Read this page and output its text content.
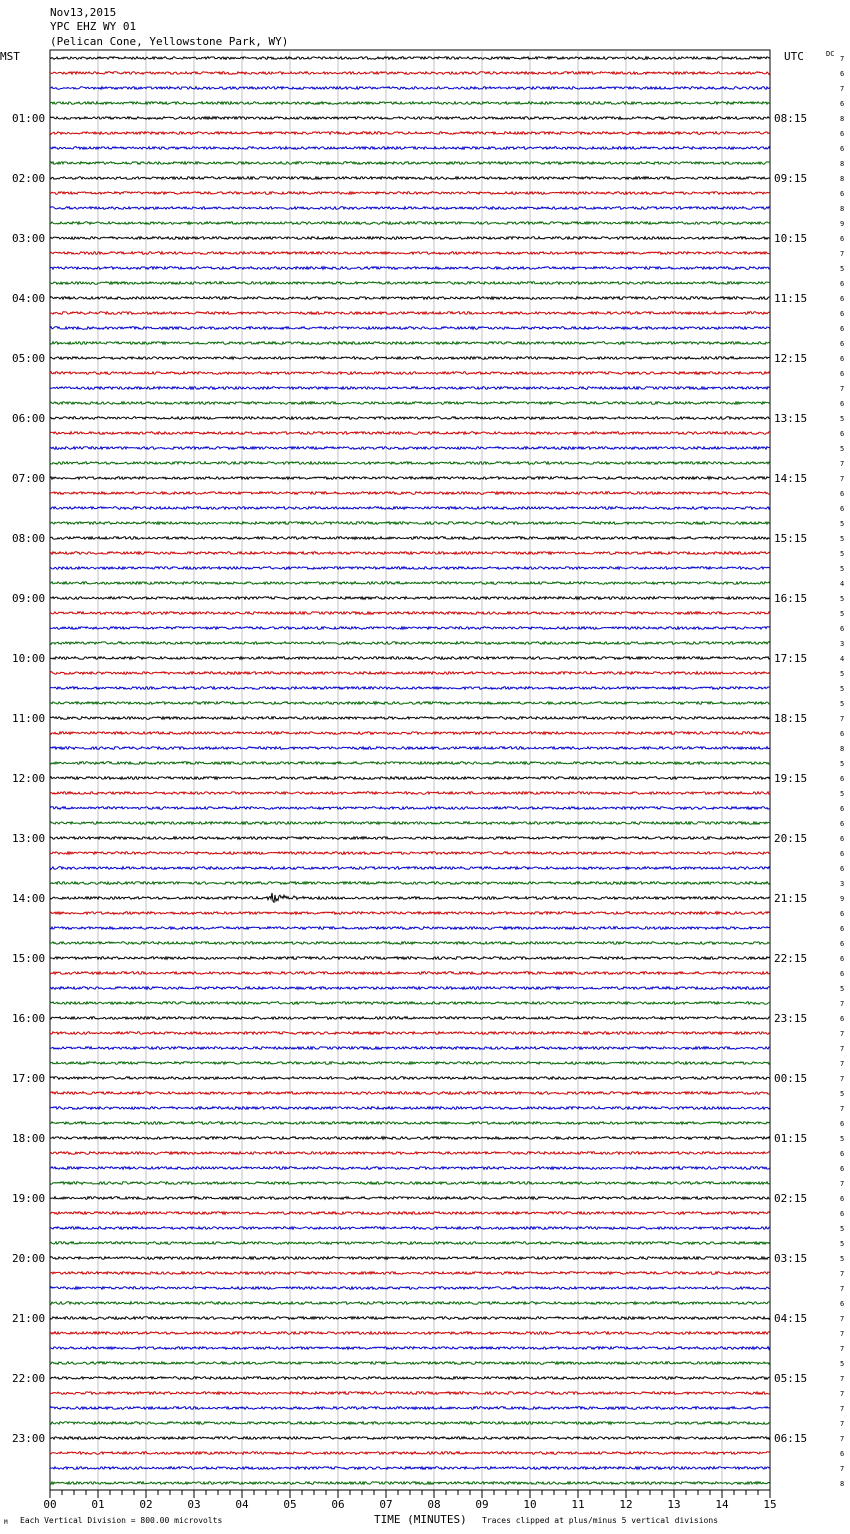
Nov13,2015
YPC EHZ WY 01
(Pelican Cone, Yellowstone Park, WY)
MST	UTC	DC
01:00
02:00
03:00
04:00
05:00
06:00
07:00
08:00
09:00
10:00
11:00
12:00
13:00
14:00
15:00
16:00
17:00
18:00
19:00
20:00
21:00
22:00
23:00
08:15
09:15
10:15
11:15
12:15
13:15
14:15
15:15
16:15
17:15
18:15
19:15
20:15
21:15
22:15
23:15
00:15
01:15
02:15
03:15
04:15
05:15
06:15
7
6
7
6
8
6
6
8
8
6
8
9
6
7
5
6
6
6
6
6
6
6
7
6
5
6
5
7
7
6
6
5
5
5
5
4
5
5
6
3
4
5
5
5
7
6
8
5
6
5
6
6
6
6
6
3
9
6
6
6
6
6
5
7
6
7
7
7
7
5
7
6
5
6
6
7
6
6
5
5
5
7
7
6
7
7
7
5
7
7
7
7
7
6
7
8
00	01	02	03	04	05	06	07	08	09	10	11	12	13	14	15
M Each Vertical Division = 800.00 microvolts	TIME (MINUTES) Traces clipped at plus/minus 5 vertical divisions
